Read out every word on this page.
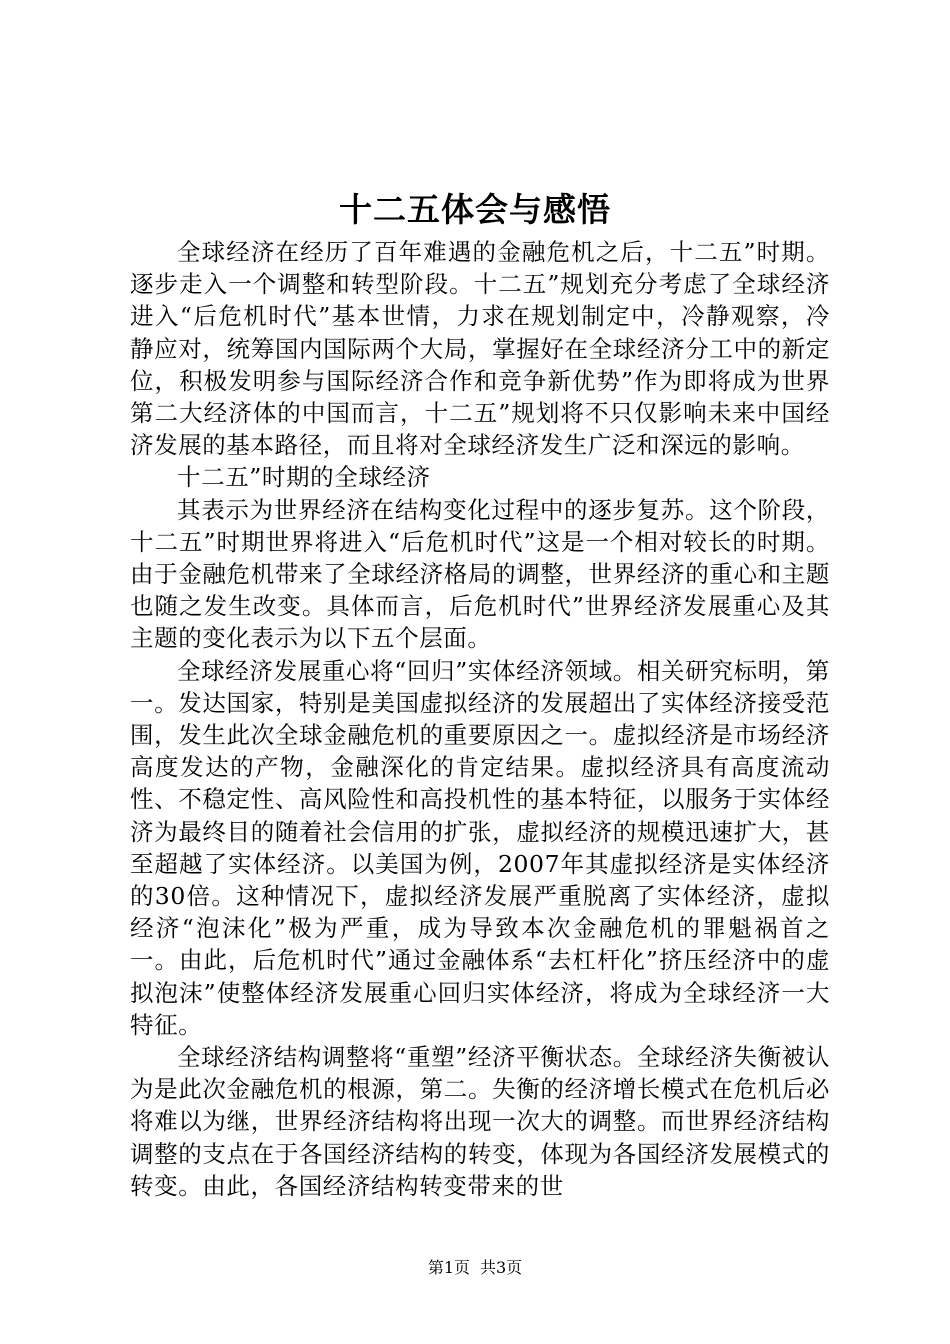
十二五体会与感悟

全球经济在经历了百年难遇的金融危机之后，十二五”时期。逐步走入一个调整和转型阶段。十二五”规划充分考虑了全球经济进入“后危机时代”基本世情，力求在规划制定中，冷静观察，冷静应对，统筹国内国际两个大局，掌握好在全球经济分工中的新定位，积极发明参与国际经济合作和竞争新优势”作为即将成为世界第二大经济体的中国而言，十二五”规划将不只仅影响未来中国经济发展的基本路径，而且将对全球经济发生广泛和深远的影响。

十二五”时期的全球经济

其表示为世界经济在结构变化过程中的逐步复苏。这个阶段，十二五”时期世界将进入“后危机时代”这是一个相对较长的时期。由于金融危机带来了全球经济格局的调整，世界经济的重心和主题也随之发生改变。具体而言，后危机时代”世界经济发展重心及其主题的变化表示为以下五个层面。

全球经济发展重心将“回归”实体经济领域。相关研究标明，第一。发达国家，特别是美国虚拟经济的发展超出了实体经济接受范围，发生此次全球金融危机的重要原因之一。虚拟经济是市场经济高度发达的产物，金融深化的肯定结果。虚拟经济具有高度流动性、不稳定性、高风险性和高投机性的基本特征，以服务于实体经济为最终目的随着社会信用的扩张，虚拟经济的规模迅速扩大，甚至超越了实体经济。以美国为例，2007年其虚拟经济是实体经济的30倍。这种情况下，虚拟经济发展严重脱离了实体经济，虚拟经济“泡沫化”极为严重，成为导致本次金融危机的罪魁祸首之一。由此，后危机时代”通过金融体系“去杠杆化”挤压经济中的虚拟泡沫”使整体经济发展重心回归实体经济，将成为全球经济一大特征。

全球经济结构调整将“重塑”经济平衡状态。全球经济失衡被认为是此次金融危机的根源，第二。失衡的经济增长模式在危机后必将难以为继，世界经济结构将出现一次大的调整。而世界经济结构调整的支点在于各国经济结构的转变，体现为各国经济发展模式的转变。由此，各国经济结构转变带来的世

第1页 共3页
